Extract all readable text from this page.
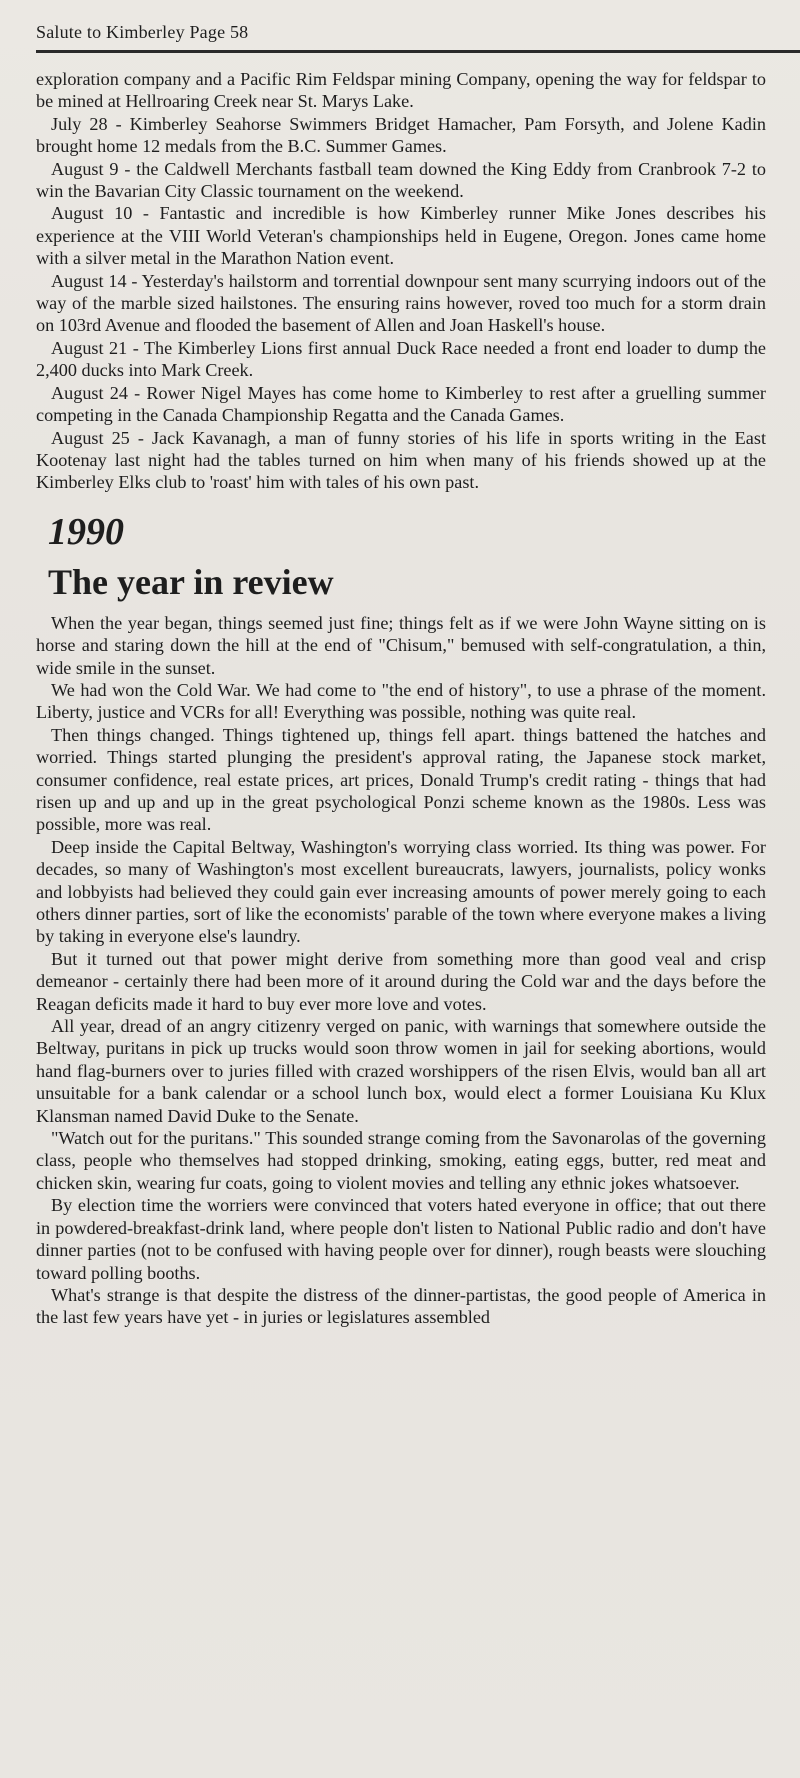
Salute to Kimberley Page 58

exploration company and a Pacific Rim Feldspar mining Company, opening the way for feldspar to be mined at Hellroaring Creek near St. Marys Lake.

July 28 - Kimberley Seahorse Swimmers Bridget Hamacher, Pam Forsyth, and Jolene Kadin brought home 12 medals from the B.C. Summer Games.

August 9 - the Caldwell Merchants fastball team downed the King Eddy from Cranbrook 7-2 to win the Bavarian City Classic tournament on the weekend.

August 10 - Fantastic and incredible is how Kimberley runner Mike Jones describes his experience at the VIII World Veteran's championships held in Eugene, Oregon. Jones came home with a silver metal in the Marathon Nation event.

August 14 - Yesterday's hailstorm and torrential downpour sent many scurrying indoors out of the way of the marble sized hailstones. The ensuring rains however, roved too much for a storm drain on 103rd Avenue and flooded the basement of Allen and Joan Haskell's house.

August 21 - The Kimberley Lions first annual Duck Race needed a front end loader to dump the 2,400 ducks into Mark Creek.

August 24 - Rower Nigel Mayes has come home to Kimberley to rest after a gruelling summer competing in the Canada Championship Regatta and the Canada Games.

August 25 - Jack Kavanagh, a man of funny stories of his life in sports writing in the East Kootenay last night had the tables turned on him when many of his friends showed up at the Kimberley Elks club to 'roast' him with tales of his own past.

1990
The year in review

When the year began, things seemed just fine; things felt as if we were John Wayne sitting on is horse and staring down the hill at the end of "Chisum," bemused with self-congratulation, a thin, wide smile in the sunset.

We had won the Cold War. We had come to "the end of history", to use a phrase of the moment. Liberty, justice and VCRs for all! Everything was possible, nothing was quite real.

Then things changed. Things tightened up, things fell apart. things battened the hatches and worried. Things started plunging the president's approval rating, the Japanese stock market, consumer confidence, real estate prices, art prices, Donald Trump's credit rating - things that had risen up and up and up in the great psychological Ponzi scheme known as the 1980s. Less was possible, more was real.

Deep inside the Capital Beltway, Washington's worrying class worried. Its thing was power. For decades, so many of Washington's most excellent bureaucrats, lawyers, journalists, policy wonks and lobbyists had believed they could gain ever increasing amounts of power merely going to each others dinner parties, sort of like the economists' parable of the town where everyone makes a living by taking in everyone else's laundry.

But it turned out that power might derive from something more than good veal and crisp demeanor - certainly there had been more of it around during the Cold war and the days before the Reagan deficits made it hard to buy ever more love and votes.

All year, dread of an angry citizenry verged on panic, with warnings that somewhere outside the Beltway, puritans in pick up trucks would soon throw women in jail for seeking abortions, would hand flag-burners over to juries filled with crazed worshippers of the risen Elvis, would ban all art unsuitable for a bank calendar or a school lunch box, would elect a former Louisiana Ku Klux Klansman named David Duke to the Senate.

"Watch out for the puritans." This sounded strange coming from the Savonarolas of the governing class, people who themselves had stopped drinking, smoking, eating eggs, butter, red meat and chicken skin, wearing fur coats, going to violent movies and telling any ethnic jokes whatsoever.

By election time the worriers were convinced that voters hated everyone in office; that out there in powdered-breakfast-drink land, where people don't listen to National Public radio and don't have dinner parties (not to be confused with having people over for dinner), rough beasts were slouching toward polling booths.

What's strange is that despite the distress of the dinner-partistas, the good people of America in the last few years have yet - in juries or legislatures assembled
